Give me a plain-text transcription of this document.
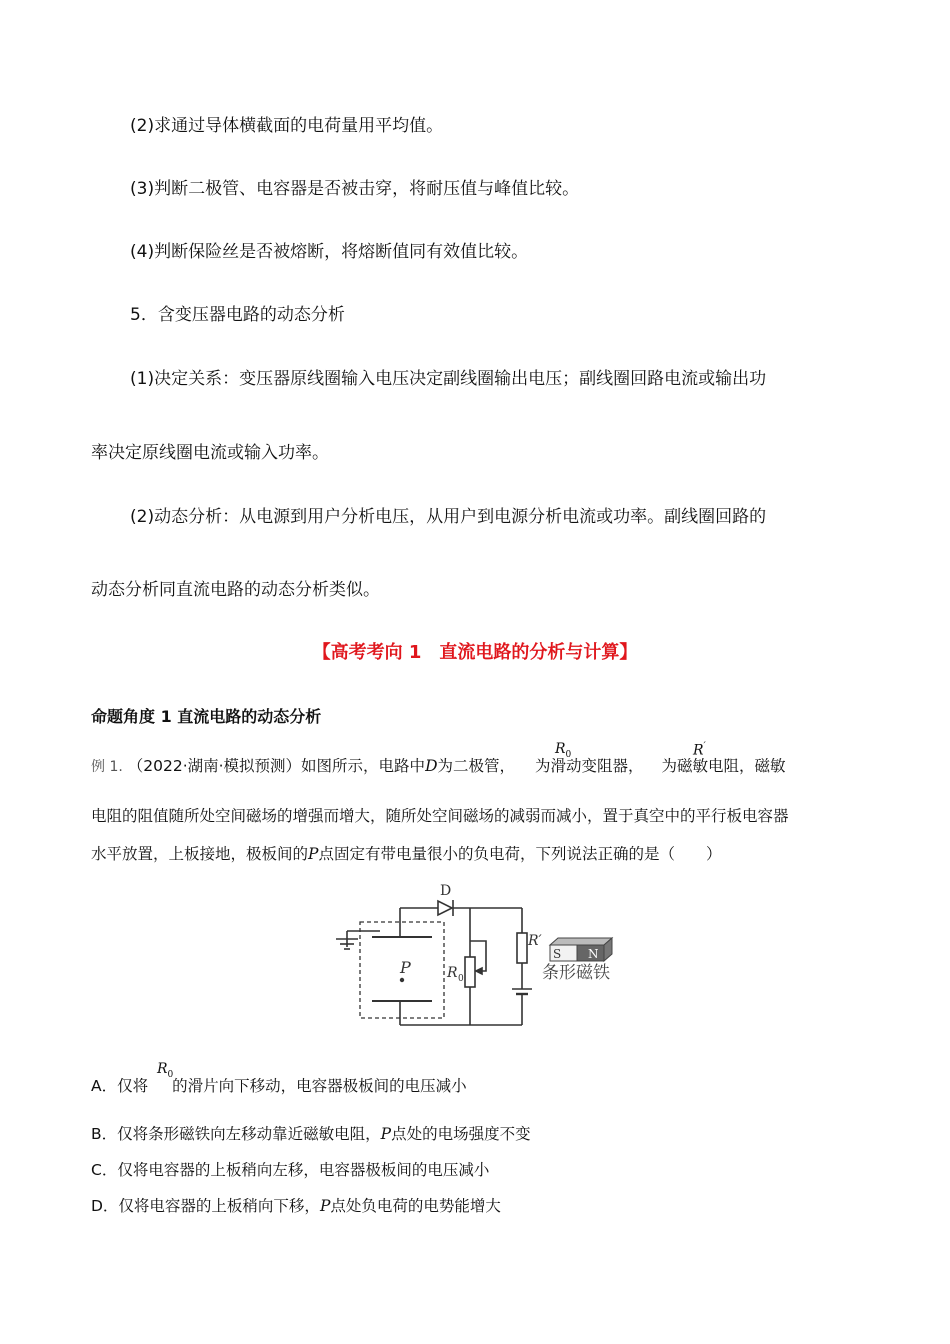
(2)求通过导体横截面的电荷量用平均值。
(3)判断二极管、电容器是否被击穿，将耐压值与峰值比较。
(4)判断保险丝是否被熔断，将熔断值同有效值比较。
5．含变压器电路的动态分析
(1)决定关系：变压器原线圈输入电压决定副线圈输出电压；副线圈回路电流或输出功
率决定原线圈电流或输入功率。
(2)动态分析：从电源到用户分析电压，从用户到电源分析电流或功率。副线圈回路的
动态分析同直流电路的动态分析类似。
【高考考向 1　直流电路的分析与计算】
命题角度 1 直流电路的动态分析
例 1. （2022·湖南·模拟预测）如图所示，电路中D为二极管， 为滑动变阻器， 为磁敏电阻，磁敏
$R_0$	R′
电阻的阻值随所处空间磁场的增强而增大，随所处空间磁场的减弱而减小，置于真空中的平行板电容器
水平放置，上板接地，极板间的P点固定有带电量很小的负电荷，下列说法正确的是（　　）
D
P	R 0
R′
S N
条形磁铁
A．仅将 的滑片向下移动，电容器极板间的电压减小
$R_0$
B．仅将条形磁铁向左移动靠近磁敏电阻，P点处的电场强度不变
C．仅将电容器的上板稍向左移，电容器极板间的电压减小
D．仅将电容器的上板稍向下移，P点处负电荷的电势能增大
